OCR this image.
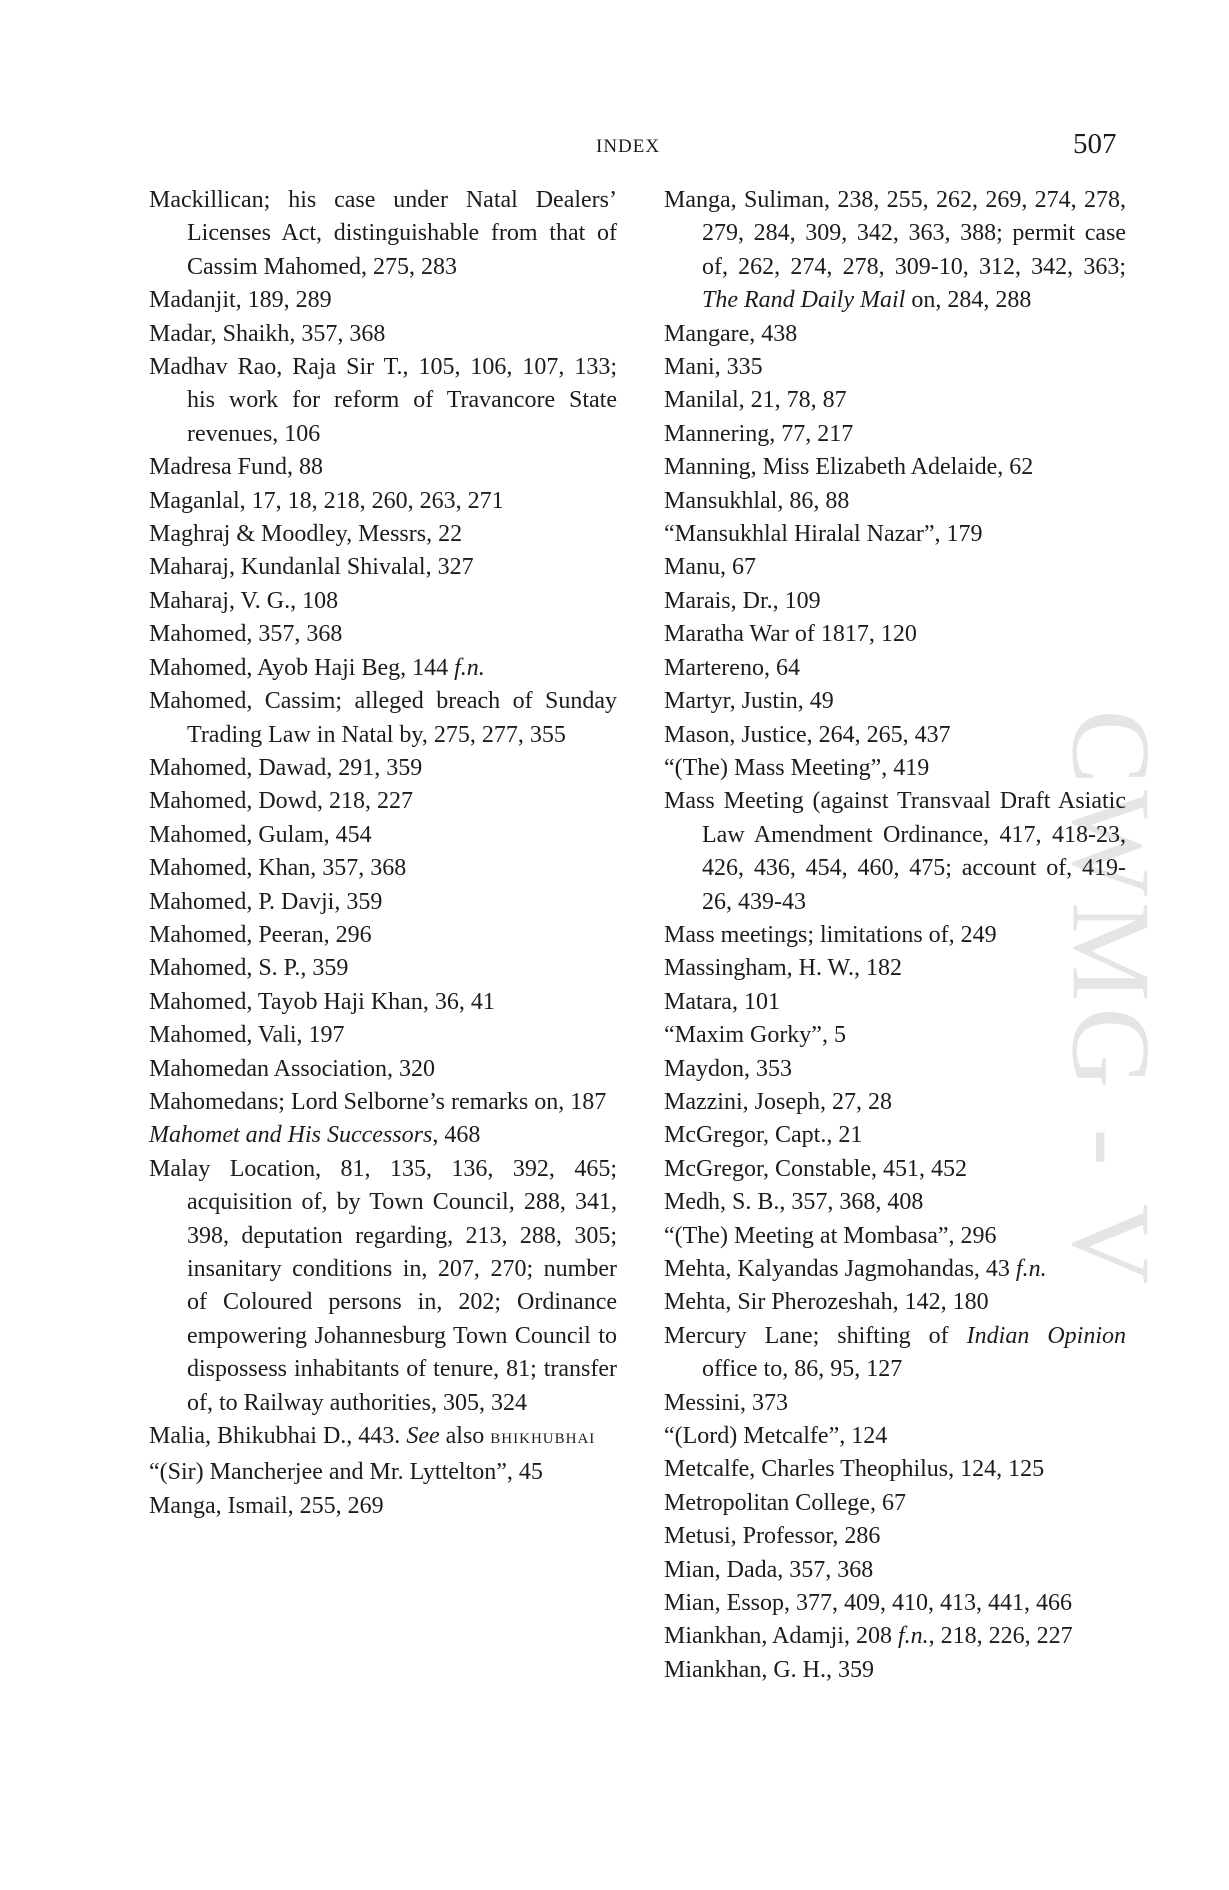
CWMG - V
INDEX	507
Mackillican; his case under Natal Dealers’ Licenses Act, distinguishable from that of Cassim Mahomed, 275, 283
Madanjit, 189, 289
Madar, Shaikh, 357, 368
Madhav Rao, Raja Sir T., 105, 106, 107, 133; his work for reform of Travancore State revenues, 106
Madresa Fund, 88
Maganlal, 17, 18, 218, 260, 263, 271
Maghraj & Moodley, Messrs, 22
Maharaj, Kundanlal Shivalal, 327
Maharaj, V. G., 108
Mahomed, 357, 368
Mahomed, Ayob Haji Beg, 144 f.n.
Mahomed, Cassim; alleged breach of Sunday Trading Law in Natal by, 275, 277, 355
Mahomed, Dawad, 291, 359
Mahomed, Dowd, 218, 227
Mahomed, Gulam, 454
Mahomed, Khan, 357, 368
Mahomed, P. Davji, 359
Mahomed, Peeran, 296
Mahomed, S. P., 359
Mahomed, Tayob Haji Khan, 36, 41
Mahomed, Vali, 197
Mahomedan Association, 320
Mahomedans; Lord Selborne’s remarks on, 187
Mahomet and His Successors, 468
Malay Location, 81, 135, 136, 392, 465; acquisition of, by Town Council, 288, 341, 398, deputation regarding, 213, 288, 305; insanitary conditions in, 207, 270; number of Coloured persons in, 202; Ordinance empowering Johannesburg Town Council to dispossess inhabitants of tenure, 81; transfer of, to Railway authorities, 305, 324
Malia, Bhikubhai D., 443. See also BHIKHUBHAI
“(Sir) Mancherjee and Mr. Lyttelton”, 45
Manga, Ismail, 255, 269
Manga, Suliman, 238, 255, 262, 269, 274, 278, 279, 284, 309, 342, 363, 388; permit case of, 262, 274, 278, 309-10, 312, 342, 363; The Rand Daily Mail on, 284, 288
Mangare, 438
Mani, 335
Manilal, 21, 78, 87
Mannering, 77, 217
Manning, Miss Elizabeth Adelaide, 62
Mansukhlal, 86, 88
“Mansukhlal Hiralal Nazar”, 179
Manu, 67
Marais, Dr., 109
Maratha War of 1817, 120
Martereno, 64
Martyr, Justin, 49
Mason, Justice, 264, 265, 437
“(The) Mass Meeting”, 419
Mass Meeting (against Transvaal Draft Asiatic Law Amendment Ordinance, 417, 418-23, 426, 436, 454, 460, 475; account of, 419-26, 439-43
Mass meetings; limitations of, 249
Massingham, H. W., 182
Matara, 101
“Maxim Gorky”, 5
Maydon, 353
Mazzini, Joseph, 27, 28
McGregor, Capt., 21
McGregor, Constable, 451, 452
Medh, S. B., 357, 368, 408
“(The) Meeting at Mombasa”, 296
Mehta, Kalyandas Jagmohandas, 43 f.n.
Mehta, Sir Pherozeshah, 142, 180
Mercury Lane; shifting of Indian Opinion office to, 86, 95, 127
Messini, 373
“(Lord) Metcalfe”, 124
Metcalfe, Charles Theophilus, 124, 125
Metropolitan College, 67
Metusi, Professor, 286
Mian, Dada, 357, 368
Mian, Essop, 377, 409, 410, 413, 441, 466
Miankhan, Adamji, 208 f.n., 218, 226, 227
Miankhan, G. H., 359
